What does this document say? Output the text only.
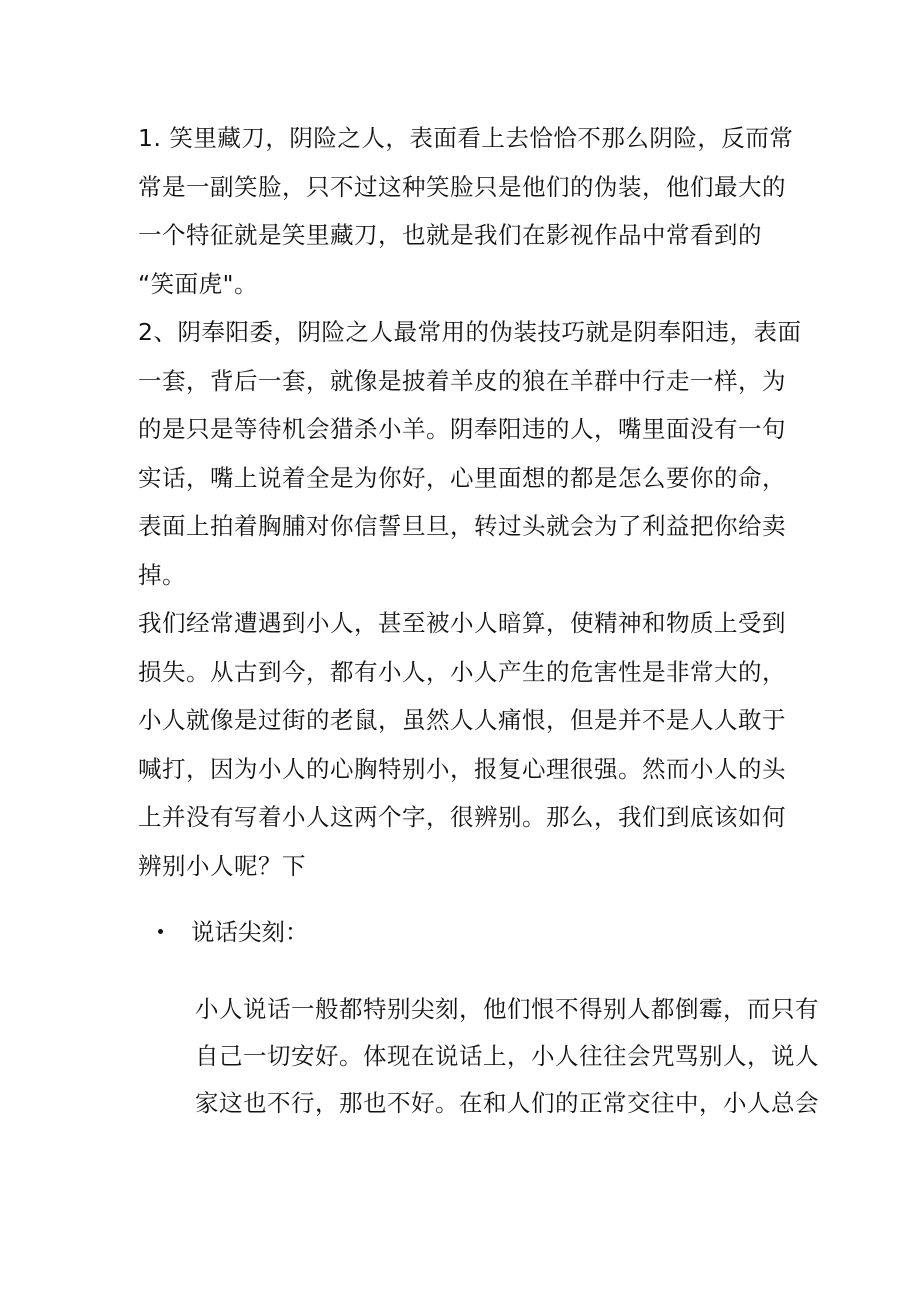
1. 笑里藏刀，阴险之人，表面看上去恰恰不那么阴险，反而常
常是一副笑脸，只不过这种笑脸只是他们的伪装，他们最大的
一个特征就是笑里藏刀，也就是我们在影视作品中常看到的
“笑面虎"。
2、阴奉阳委，阴险之人最常用的伪装技巧就是阴奉阳违，表面
一套，背后一套，就像是披着羊皮的狼在羊群中行走一样，为
的是只是等待机会猎杀小羊。阴奉阳违的人，嘴里面没有一句
实话，嘴上说着全是为你好，心里面想的都是怎么要你的命，
表面上拍着胸脯对你信誓旦旦，转过头就会为了利益把你给卖
掉。
我们经常遭遇到小人，甚至被小人暗算，使精神和物质上受到
损失。从古到今，都有小人，小人产生的危害性是非常大的，
小人就像是过街的老鼠，虽然人人痛恨，但是并不是人人敢于
喊打，因为小人的心胸特别小，报复心理很强。然而小人的头
上并没有写着小人这两个字，很辨别。那么，我们到底该如何
辨别小人呢？下
说话尖刻：
小人说话一般都特别尖刻，他们恨不得别人都倒霉，而只有
自己一切安好。体现在说话上，小人往往会咒骂别人，说人
家这也不行，那也不好。在和人们的正常交往中，小人总会
